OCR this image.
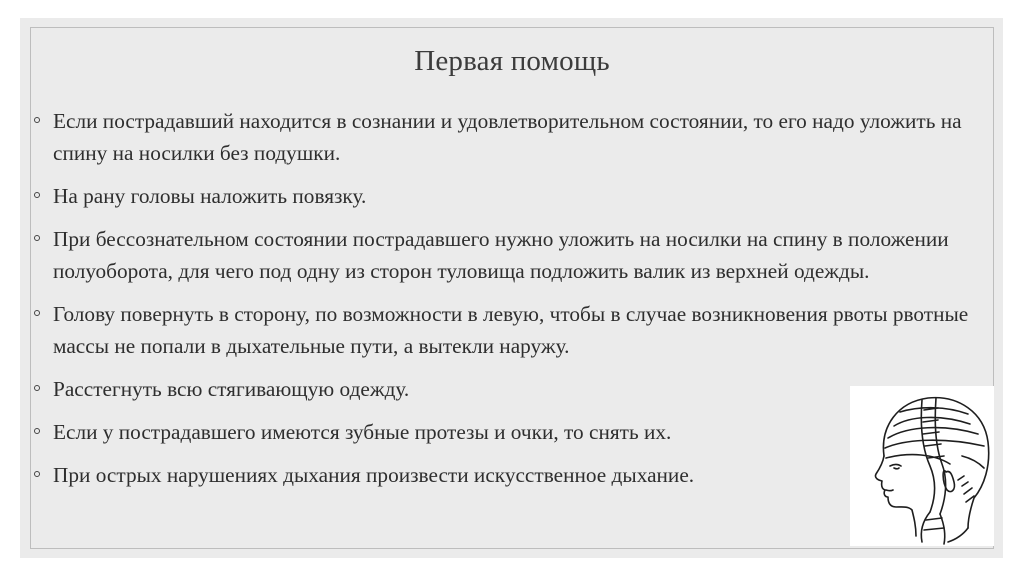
Первая помощь
Если пострадавший находится в сознании и удовлетворительном состоянии, то его надо уложить на спину на носилки без подушки.
На рану головы наложить повязку.
При бессознательном состоянии пострадавшего нужно уложить на носилки на спину в положении полуоборота, для чего под одну из сторон туловища подложить валик из верхней одежды.
Голову повернуть в сторону, по возможности в левую, чтобы в случае возникновения рвоты рвотные массы не попали в дыхательные пути, а вытекли наружу.
Расстегнуть всю стягивающую одежду.
Если у пострадавшего имеются зубные протезы и очки, то снять их.
При острых нарушениях дыхания произвести искусственное дыхание.
